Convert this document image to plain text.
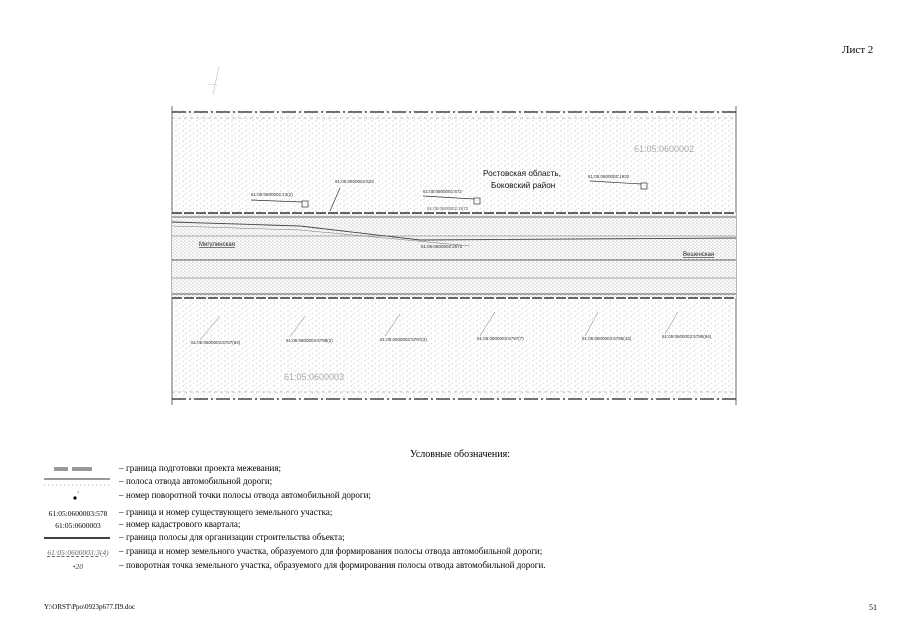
Лист 2
61:05:0600002:13(2)
61:05:0600002:523
61:05:0600002:672
61:05:0600002:2672
61:05:0600002:1932
Ростовская область,
Боковский район
61:05:0600002
61:05:0600003
Мигулинская
Вешенская
61:05:0600003:5707(84)	61:05:0600003:5798(2)	61:05:0600003:5797(3)	61:05:0600003:5797(7)	61:05:0600003:5795(43)	61:05:0600003:5795(94)
61:05:0600002:2672
Условные обозначения:
– граница подготовки проекта межевания;
– полоса отвода автомобильной дороги;
7	– номер поворотной точки полосы отвода автомобильной дороги;
61:05:0600003:578	– граница и номер существующего земельного участка;
61:05:0600003	– номер кадастрового квартала;
– граница полосы для организации строительства объекта;
61:05:0600003:3(4)	– граница и номер земельного участка, образуемого для формирования полосы отвода автомобильной дороги;
•20	– поворотная точка земельного участка, образуемого для формирования полосы отвода автомобильной дороги.
Y:\ORST\Ppo\0923p677.П9.doc	51
